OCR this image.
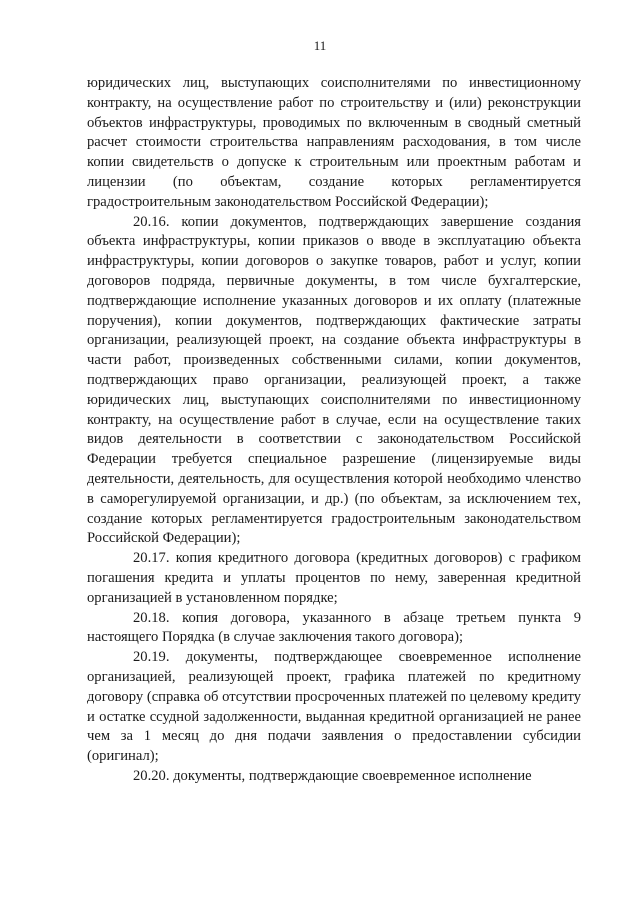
11

юридических лиц, выступающих соисполнителями по инвестиционному контракту, на осуществление работ по строительству и (или) реконструкции объектов инфраструктуры, проводимых по включенным в сводный сметный расчет стоимости строительства направлениям расходования, в том числе копии свидетельств о допуске к строительным или проектным работам и лицензии (по объектам, создание которых регламентируется градостроительным законодательством Российской Федерации);

20.16. копии документов, подтверждающих завершение создания объекта инфраструктуры, копии приказов о вводе в эксплуатацию объекта инфраструктуры, копии договоров о закупке товаров, работ и услуг, копии договоров подряда, первичные документы, в том числе бухгалтерские, подтверждающие исполнение указанных договоров и их оплату (платежные поручения), копии документов, подтверждающих фактические затраты организации, реализующей проект, на создание объекта инфраструктуры в части работ, произведенных собственными силами, копии документов, подтверждающих право организации, реализующей проект, а также юридических лиц, выступающих соисполнителями по инвестиционному контракту, на осуществление работ в случае, если на осуществление таких видов деятельности в соответствии с законодательством Российской Федерации требуется специальное разрешение (лицензируемые виды деятельности, деятельность, для осуществления которой необходимо членство в саморегулируемой организации, и др.) (по объектам, за исключением тех, создание которых регламентируется градостроительным законодательством Российской Федерации);

20.17. копия кредитного договора (кредитных договоров) с графиком погашения кредита и уплаты процентов по нему, заверенная кредитной организацией в установленном порядке;

20.18. копия договора, указанного в абзаце третьем пункта 9 настоящего Порядка (в случае заключения такого договора);

20.19. документы, подтверждающее своевременное исполнение организацией, реализующей проект, графика платежей по кредитному договору (справка об отсутствии просроченных платежей по целевому кредиту и остатке ссудной задолженности, выданная кредитной организацией не ранее чем за 1 месяц до дня подачи заявления о предоставлении субсидии (оригинал);

20.20. документы, подтверждающие своевременное исполнение
